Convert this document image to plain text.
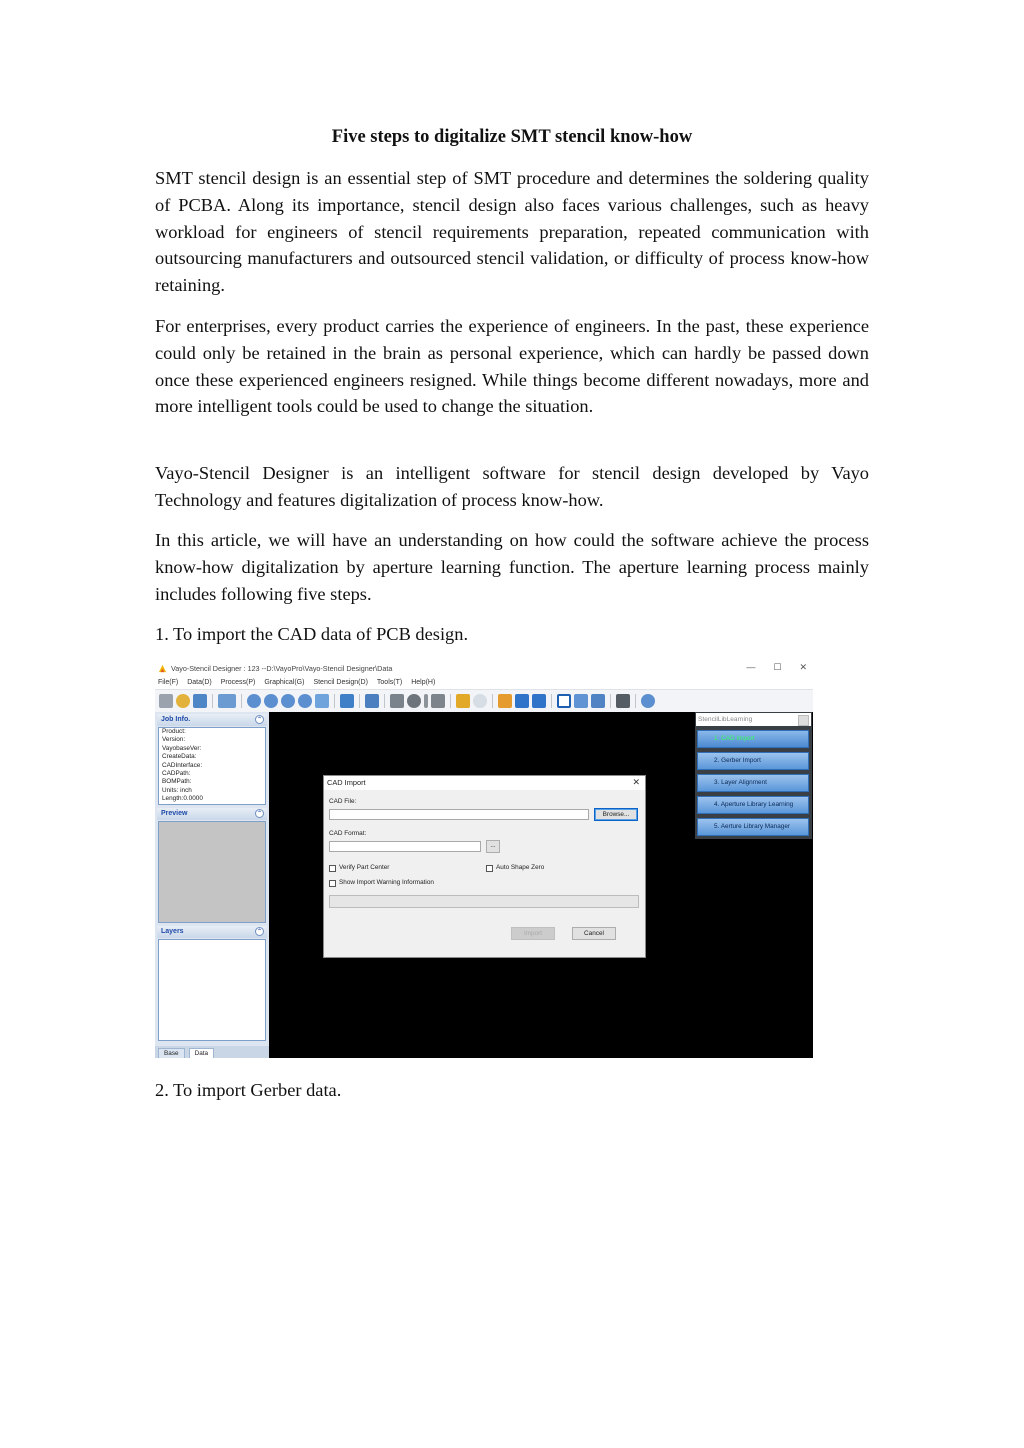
Five steps to digitalize SMT stencil know-how

SMT stencil design is an essential step of SMT procedure and determines the soldering quality of PCBA. Along its importance, stencil design also faces various challenges, such as heavy workload for engineers of stencil requirements preparation, repeated communication with outsourcing manufacturers and outsourced stencil validation, or difficulty of process know-how retaining.

For enterprises, every product carries the experience of engineers. In the past, these experience could only be retained in the brain as personal experience, which can hardly be passed down once these experienced engineers resigned. While things become different nowadays, more and more intelligent tools could be used to change the situation.

Vayo-Stencil Designer is an intelligent software for stencil design developed by Vayo Technology and features digitalization of process know-how.

In this article, we will have an understanding on how could the software achieve the process know-how digitalization by aperture learning function. The aperture learning process mainly includes following five steps.

1. To import the CAD data of PCB design.

2. To import Gerber data.

Vayo-Stencil Designer : 123 --D:\VayoPro\Vayo-Stencil Designer\Data	— ☐ ✕
File(F) Data(D) Process(P) Graphical(G) Stencil Design(D) Tools(T) Help(H)
Job Info.	⌃
Product:
Version:
VayobaseVer:
CreateData:
CADInterface:
CADPath:
BOMPath:
Units: inch
Length:0.0000
Preview	⌃
Layers	⌃
Base	Data
CAD Import	✕
CAD File:
Browse...
CAD Format:
...
Verify Part Center	Auto Shape Zero
Show Import Warning Information
Import	Cancel
StencilLibLearning
1. CAD Import
2. Gerber Import
3. Layer Alignment
4. Aperture Library Learning
5. Aerture Library Manager
